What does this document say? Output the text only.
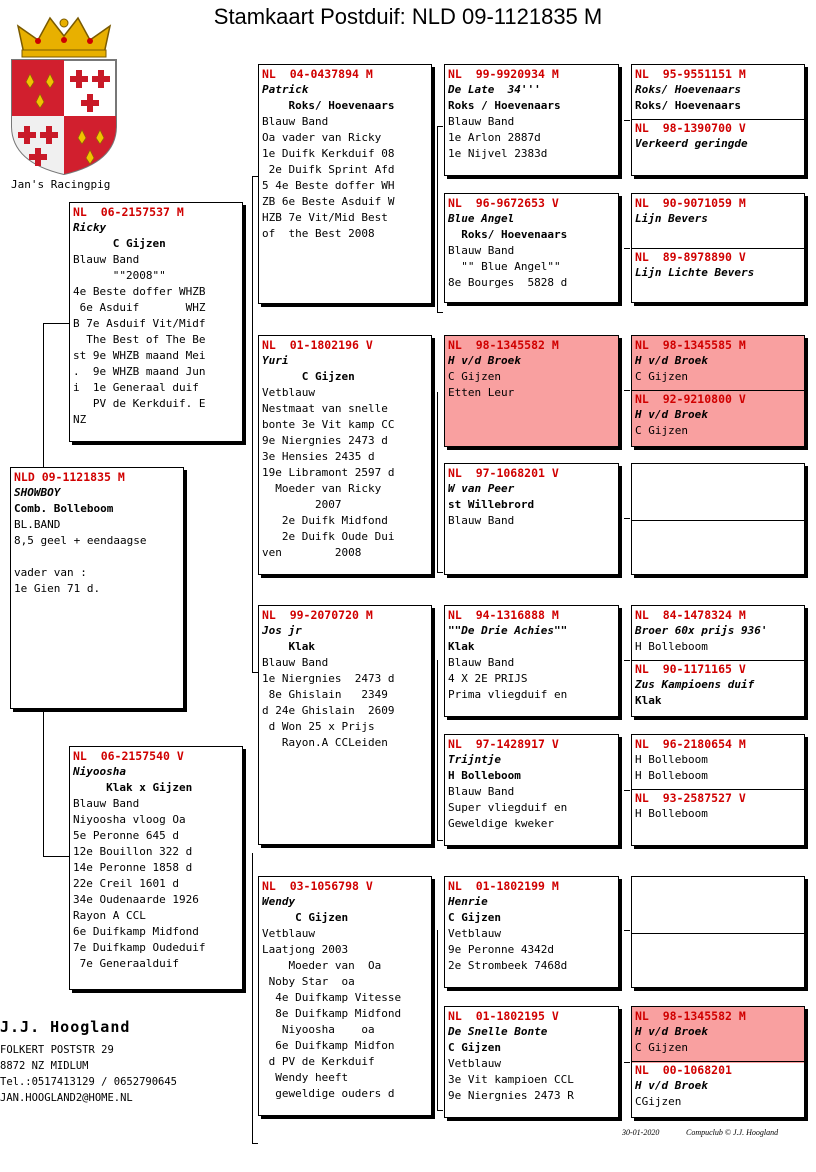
Stamkaart Postduif: NLD 09-1121835 M
Jan's Racingpig
NLD 09-1121835 M
SHOWBOY
Comb. Bolleboom
BL.BAND
8,5 geel + eendaagse

vader van :
1e Gien 71 d.
NL  06-2157537 M
Ricky
C Gijzen
Blauw Band
""2008""
4e Beste doffer WHZB
6e Asduif       WHZ
B 7e Asduif Vit/Midf
The Best of The Be
st 9e WHZB maand Mei
.  9e WHZB maand Jun
i  1e Generaal duif
PV de Kerkduif. E
NZ
NL  06-2157540 V
Niyoosha
Klak x Gijzen
Blauw Band
Niyoosha vloog Oa
5e Peronne 645 d
12e Bouillon 322 d
14e Peronne 1858 d
22e Creil 1601 d
34e Oudenaarde 1926
Rayon A CCL
6e Duifkamp Midfond
7e Duifkamp Oudeduif
7e Generaalduif
NL  04-0437894 M
Patrick
Roks/ Hoevenaars
Blauw Band
Oa vader van Ricky
1e Duifk Kerkduif 08
2e Duifk Sprint Afd
5 4e Beste doffer WH
ZB 6e Beste Asduif W
HZB 7e Vit/Mid Best
of  the Best 2008
NL  01-1802196 V
Yuri
C Gijzen
Vetblauw
Nestmaat van snelle
bonte 3e Vit kamp CC
9e Niergnies 2473 d
3e Hensies 2435 d
19e Libramont 2597 d
Moeder van Ricky
2007
2e Duifk Midfond
2e Duifk Oude Dui
ven        2008
NL  99-2070720 M
Jos jr
Klak
Blauw Band
1e Niergnies  2473 d
8e Ghislain   2349
d 24e Ghislain  2609
d Won 25 x Prijs
Rayon.A CCLeiden
NL  03-1056798 V
Wendy
C Gijzen
Vetblauw
Laatjong 2003
Moeder van  Oa
Noby Star  oa
4e Duifkamp Vitesse
8e Duifkamp Midfond
Niyoosha    oa
6e Duifkamp Midfon
d PV de Kerkduif
Wendy heeft
geweldige ouders d
NL  99-9920934 M
De Late  34'''
Roks / Hoevenaars
Blauw Band
1e Arlon 2887d
1e Nijvel 2383d
NL  96-9672653 V
Blue Angel
Roks/ Hoevenaars
Blauw Band
"" Blue Angel""
8e Bourges  5828 d
NL  98-1345582 M
H v/d Broek
C Gijzen
Etten Leur
NL  97-1068201 V
W van Peer
st Willebrord
Blauw Band
NL  94-1316888 M
""De Drie Achies""
Klak
Blauw Band
4 X 2E PRIJS
Prima vliegduif en
NL  97-1428917 V
Trijntje
H Bolleboom
Blauw Band
Super vliegduif en
Geweldige kweker
NL  01-1802199 M
Henrie
C Gijzen
Vetblauw
9e Peronne 4342d
2e Strombeek 7468d
NL  01-1802195 V
De Snelle Bonte
C Gijzen
Vetblauw
3e Vit kampioen CCL
9e Niergnies 2473 R
NL  95-9551151 M
Roks/ Hoevenaars
Roks/ Hoevenaars
NL  98-1390700 V
Verkeerd geringde
NL  90-9071059 M
Lijn Bevers
NL  89-8978890 V
Lijn Lichte Bevers
NL  98-1345585 M
H v/d Broek
C Gijzen
NL  92-9210800 V
H v/d Broek
C Gijzen
NL  84-1478324 M
Broer 60x prijs 936'
H Bolleboom
NL  90-1171165 V
Zus Kampioens duif
Klak
NL  96-2180654 M
H Bolleboom
H Bolleboom
NL  93-2587527 V
H Bolleboom
NL  98-1345582 M
H v/d Broek
C Gijzen
NL  00-1068201
H v/d Broek
CGijzen
J.J. Hoogland
FOLKERT POSTSTR 29
8872 NZ MIDLUM
Tel.:0517413129 / 0652790645
JAN.HOOGLAND2@HOME.NL
30-01-2020	Compuclub © J.J. Hoogland
